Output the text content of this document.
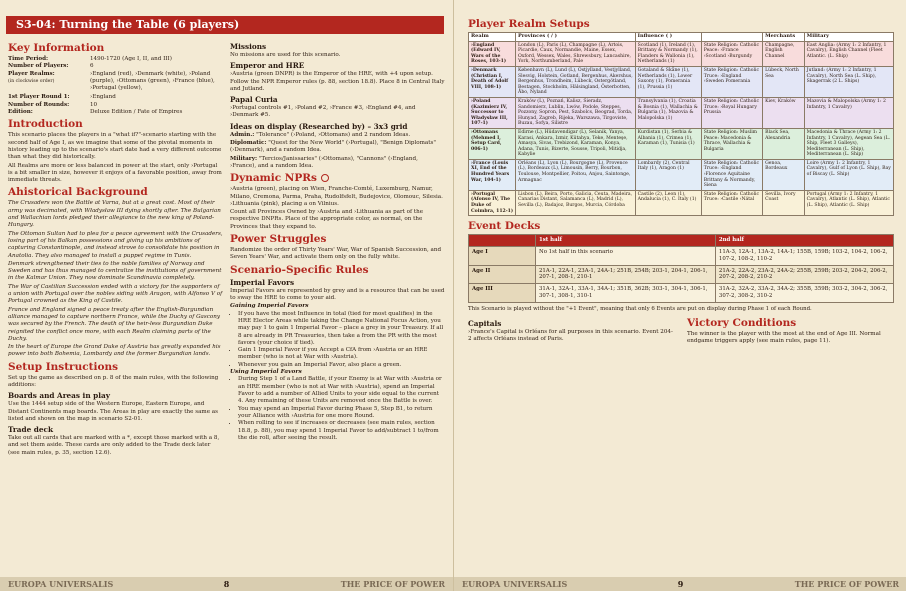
S3-04: Turning the Table (6 players)
Key Information
Time Period:	1490-1720 (Age I, II, and III)
Number of Players:	6
Player Realms:
(in clockwise order)
›England (red), ›Denmark (white), ›Poland (purple), ›Ottomans (green), ›France (blue), ›Portugal (yellow),
1st Player Round 1:	›England
Number of Rounds:	10
Edition:	Deluxe Edition / Fate of Empires
Introduction

This scenario places the players in a "what if?"-scenario starting with the second half of Age I, as we imagine that some of the pivotal moments in history leading up to the scenario's start date had a very different outcome than what they did historically.

All Realms are more or less balanced in power at the start, only ›Portugal is a bit smaller in size, however it enjoys of a favorable position, away from immediate threats.

Ahistorical Background

The Crusaders won the Battle at Varna, but at a great cost. Most of their army was decimated, with Władysław III dying shortly after. The Bulgarian and Wallachian lords pledged their allegiance to the new king of Poland-Hungary.

The Ottoman Sultan had to plea for a peace agreement with the Crusaders, losing part of his Balkan possessions and giving up his ambitions of capturing Constantinople, and instead strove to consolidate his position in Anatolia. They also managed to install a puppet regime in Tunis.

Denmark strengthened their ties to the noble families of Norway and Sweden and has thus managed to centralize the institutions of government in the Kalmar Union. They now dominate Scandinavia completely.

The War of Castilian Succession ended with a victory for the supporters of a union with Portugal over the nobles siding with Aragon, with Alfonso V of Portugal crowned as the King of Castile.

France and England signed a peace treaty after the English-Burgundian alliance managed to capture northern France, while the Duchy of Gascony was secured by the French. The death of the heir-less Burgundian Duke reignited the conflict once more, with each Realm claiming parts of the Duchy.

In the heart of Europe the Grand Duke of Austria has greatly expanded his power into both Bohemia, Lombardy and the former Burgundian lands.

Setup Instructions

Set up the game as described on p. 8 of the main rules, with the following additions:

Boards and Areas in play

Use the 1444 setup side of the Western Europe, Eastern Europe, and Distant Continents map boards. The Areas in play are exactly the same as listed and shown on the map in scenario S2-01.

Trade deck

Take out all cards that are marked with a *, except those marked with a 8, and set them aside. These cards are only added to the Trade deck later (see main rules, p. 35, section 12.6).

Missions

No missions are used for this scenario.

Emperor and HRE

›Austria (green DNPR) is the Emperor of the HRE, with +4 upon setup. Follow the NPR Emperor rules (p. 88, section 18.8). Place 8 in Central Italy and Jutland.

Papal Curia

›Portugal controls #1, ›Poland #2, ›France #3, ›England #4, and ›Denmark #5.

Ideas on display (Researched by) – 3x3 grid

Admin.: "Tolerance" (›Poland, ›Ottomans) and 2 random Ideas.

Diplomatic: "Quest for the New World" (›Portugal), "Benign Diplomats" (›Denmark), and a random Idea.

Military: "Tercios/Janissaries" (›Ottomans), "Cannons" (›England, ›France), and a random Idea.

Dynamic NPRs

›Austria (green), placing on Wien, Franche-Comté, Luxemburg, Namur, Milano, Cremona, Parma, Praha, Rudolfsfelt, Budejovice, Olomouc, Silesia. ›Lithuania (pink), placing a on Vilnius.

Count all Provinces Owned by ›Austria and ›Lithuania as part of the respective DNPRs. Place of the appropriate color, as normal, on the Provinces that they expand to.

Power Struggles

Randomize the order of Thirty Years' War, War of Spanish Succession, and Seven Years' War, and activate them only on the fully white.

Scenario-Specific Rules
Imperial Favors

Imperial Favors are represented by grey and is a resource that can be used to sway the HRE to come to your aid.

Gaining Imperial Favors
• If you have the most Influence in total (tied for most qualifies) in the HRE Elector Areas while taking the Change National Focus Action, you may pay 1 to gain 1 Imperial Favor – place a grey in your Treasury. If all 8 are already in PR Treasuries, then take a from the PR with the most favors (your choice if tied).
• Gain 1 Imperial Favor if you Accept a CfA from ›Austria or an HRE member (who is not at War with ›Austria).
• Whenever you gain an Imperial Favor, also place a green.
Using Imperial Favors
• During Step 1 of a Land Battle, if your Enemy is at War with ›Austria or an HRE member (who is not at War with ›Austria), spend an Imperial Favor to add a number of Allied Units to your side equal to the current 4. Any remaining of these Units are removed once the Battle is over.
• You may spend an Imperial Favor during Phase 5, Step B1, to return your Alliance with ›Austria for one more Round.
• When rolling to see if increases or decreases (see main rules, section 18.8, p. 88), you may spend 1 Imperial Favor to add/subtract 1 to/from the die roll, after seeing the result.
EUROPA UNIVERSALIS	8	THE PRICE OF POWER
Player Realm Setups
Realm	Provinces ( / )	Influence ( )		Merchants	Military
›England (Edward IV, Wars of the Roses, 103-1)	London (L), Paris (L), Champagne (L), Artois, Picardie, Caux, Normandie, Maine, Essex, Oxford, Wessex, Wales, Shrewsbury, Lancashire, York, Northumberland, Pale	Scotland (1), Ireland (1), Brittany & Normandy (1), Flanders & Wallonia (1), Netherlands (1)	State Religion: Catholic Peace: ›France ›Scotland ›Burgundy	Champagne, English Channel	East Anglia: (Army 1: 2 Infantry, 1 Cavalry), English Channel (Fleet Atlantic. (L. Ship)
›Denmark (Christian I, Death of Adolf VIII, 108-1)	København (L), Lund (L), Ostjylland, Vestjylland, Slesvig, Holstein, Gotland, Bergenhus, Akershus, Bergenhus, Trondheim, Lübeck, Ostergötland, Bestagen, Stockholm, Hälsingland, Österbotten, Åbo, Nyland	Gotaland & Skåne (1), Netherlands (1), Lower Saxony (1), Pomerania (1), Prussia (1)	State Religion: Catholic Truce: ›England ›Sweden Pomerania	Lübeck, North Sea	Jutland: (Army 1: 2 Infantry, 1 Cavalry), North Sea (L. Ship), Skagerrak (2 L. Ships)
›Poland (Kazimierz IV, Successor to Władysław III, 107-1)	Kraków (L), Poznań, Kalisz, Sieradz, Sandomierz, Lublin, Lwów, Podole, Steppes, Pozzony, Sopron, Pest, Szabolcs, Beograd, Torda, Hunyad, Zagreb, Rijeka, Warszawa, Tirgoviste, Buzau, Sofya, Silistre	Transylvania (1), Croatia & Bosnia (1), Wallachia & Bulgaria (1), Mazovia & Malopolska (1)	State Religion: Catholic Truce: ›Royal Hungary Prussia	Kiev, Kraków	Mazovia & Malopolska (Army 1: 2 Infantry, 1 Cavalry)
›Ottomans (Mehmed I, Setup Card, 006-1)	Edirne (L), Hüdavendigar (L), Selanik, Yanya, Karasi, Ankara, Izmir, Kütahya, Teke, Menteşe, Amasya, Sivas, Trebizond, Karaman, Konya, Adana, Tunis, Bizerte, Sousse, Tripoli, Mitidja, Kabylie	Kurdistan (1), Serbia & Albania (1), Crimea (1), Karaman (1), Tunisia (1)	State Religion: Muslim Peace: Macedonia & Thrace, Wallachia & Bulgaria	Black Sea, Alexandria	Macedonia & Thrace (Army 1: 2 Infantry, 1 Cavalry), Aegean Sea (L. Ship, Fleet 3 Galleys), Mediterranean (L. Ship), Mediterranean (L. Ship)
›France (Louis XI, End of the Hundred Years War, 104-1)	Orléans (L), Lyon (L), Bourgogne (L), Provence (L), Bordeaux (L), Limousin, Berry, Bourbon, Toulouse, Montpellier, Poitou, Anjou, Saintonge, Armagnac	Lombardy (2), Central Italy (1), Aragon (1)	State Religion: Catholic Truce: ›England ›Florence Aquitaine Brittany & Normandy, Siena	Genoa, Bordeaux	Loire (Army 1: 2 Infantry, 1 Cavalry), Gulf of Lyon (L. Ship), Bay of Biscay (L. Ship)
›Portugal (Afonso IV, The Duke of Coimbra, 112-1)	Lisbon (L), Beira, Porto, Galicia, Ceuta, Madeira, Canarias Distant, Salamanca (L), Madrid (L), Sevilla (L), Badajoz, Burgos, Murcia, Córdoba	Castile (2), Leon (1), Andalucia (1), C. Italy (1)	State Religion: Catholic Truce: ›Castile ›Nátal	Sevilla, Ivory Coast	Portugal (Army 1: 2 Infantry, 1 Cavalry), Atlantic (L. Ship), Atlantic (L. Ship), Atlantic (L. Ship)
Event Decks
	1st half	2nd half
Age I	No 1st half in this scenario	11A-3, 12A-1, 13A-2, 14A-1; 155B, 159B; 103-2, 104-2, 106-2, 107-2, 108-2, 110-2
Age II	21A-1, 22A-1, 23A-1, 24A-1; 251B, 254B; 203-1, 204-1, 206-1, 207-1, 208-1, 210-1	21A-2, 22A-2, 23A-2, 24A-2; 255B, 259B; 203-2, 204-2, 206-2, 207-2, 208-2, 210-2
Age III	31A-1, 32A-1, 33A-1, 34A-1; 351B, 362B; 303-1, 304-1, 306-1, 307-1, 308-1, 310-1	31A-2, 32A-2, 33A-2, 34A-2; 355B, 359B; 303-2, 304-2, 306-2, 307-2, 308-2, 310-2

This Scenario is played without the "+1 Event", meaning that only 6 Events are put on display during Phase 1 of each Round.

Capitals

›France's Capital is Orléans for all purposes in this scenario. Event 204-2 affects Orléans instead of Paris.

Victory Conditions

The winner is the player with the most at the end of Age III. Normal endgame triggers apply (see main rules, page 11).

EUROPA UNIVERSALIS	9	THE PRICE OF POWER
